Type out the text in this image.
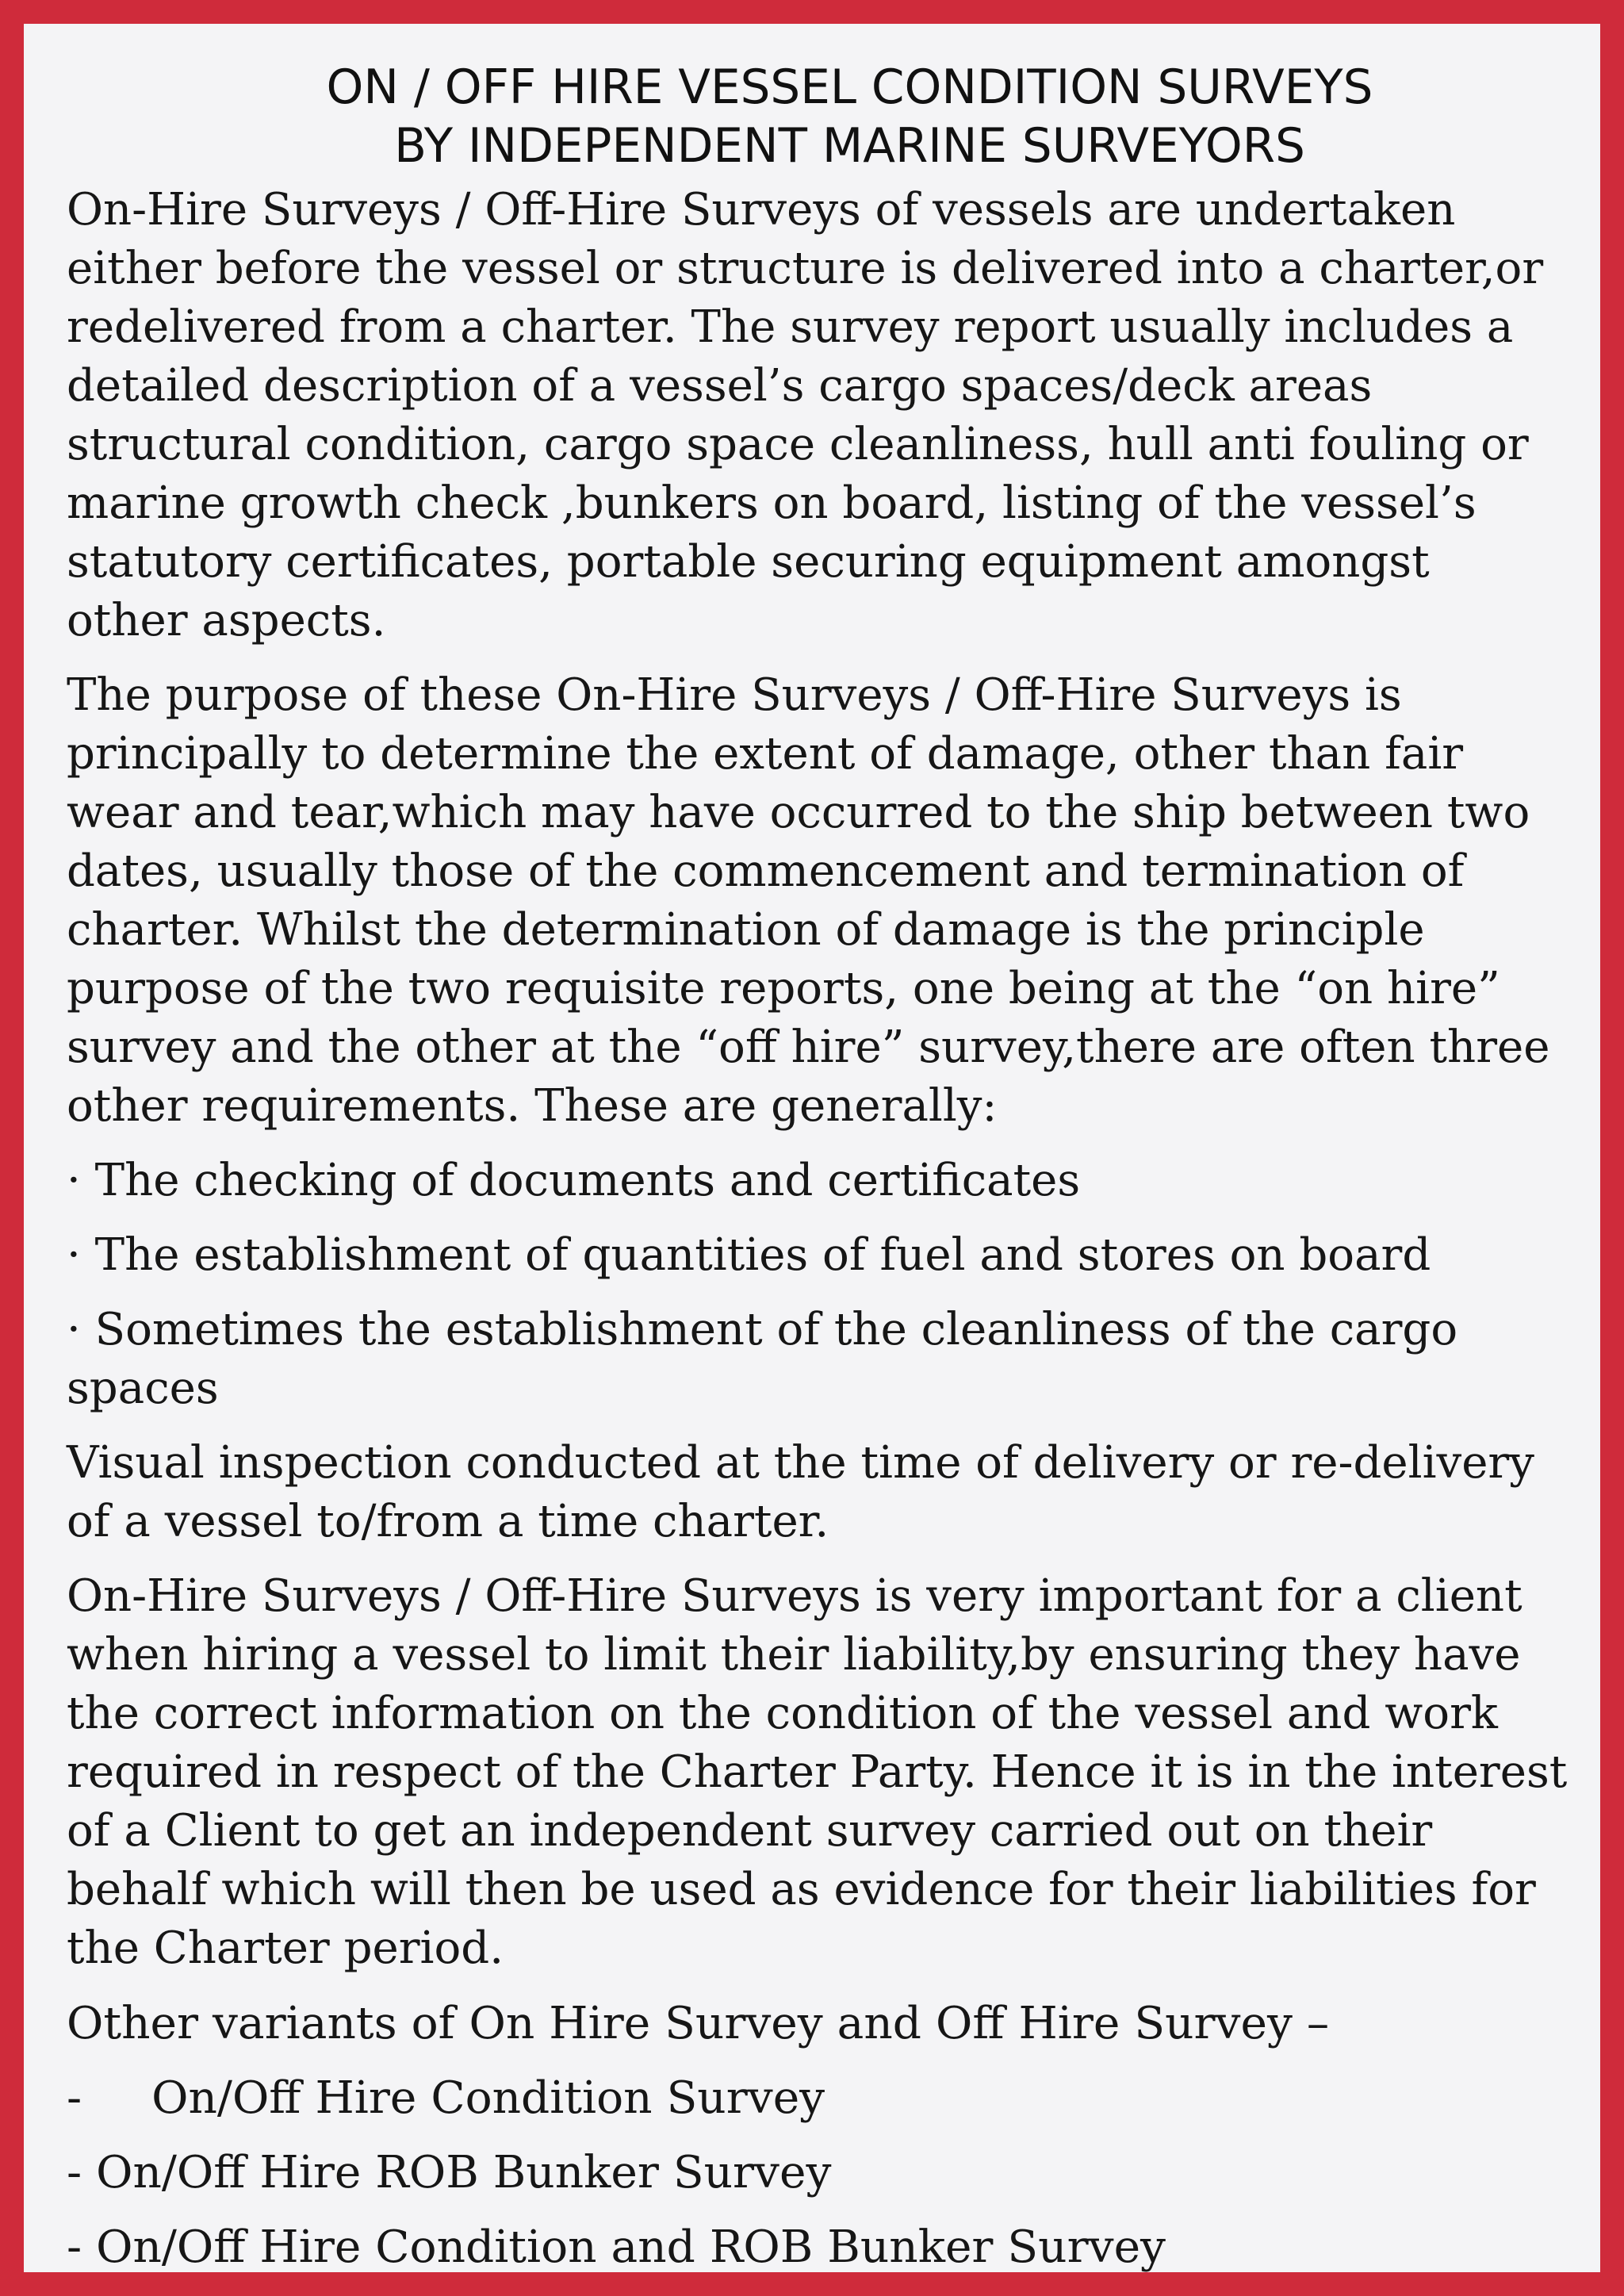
ON / OFF HIRE VESSEL CONDITION SURVEYS
BY INDEPENDENT MARINE SURVEYORS
On-Hire Surveys / Off-Hire Surveys of vessels are undertaken
either before the vessel or structure is delivered into a charter,or
redelivered from a charter. The survey report usually includes a
detailed description of a vessel’s cargo spaces/deck areas
structural condition, cargo space cleanliness, hull anti fouling or
marine growth check ,bunkers on board, listing of the vessel’s
statutory certificates, portable securing equipment amongst
other aspects.
The purpose of these On-Hire Surveys / Off-Hire Surveys is
principally to determine the extent of damage, other than fair
wear and tear,which may have occurred to the ship between two
dates, usually those of the commencement and termination of
charter. Whilst the determination of damage is the principle
purpose of the two requisite reports, one being at the “on hire”
survey and the other at the “off hire” survey,there are often three
other requirements. These are generally:
· The checking of documents and certificates
· The establishment of quantities of fuel and stores on board
· Sometimes the establishment of the cleanliness of the cargo
spaces
Visual inspection conducted at the time of delivery or re-delivery
of a vessel to/from a time charter.
On-Hire Surveys / Off-Hire Surveys is very important for a client
when hiring a vessel to limit their liability,by ensuring they have
the correct information on the condition of the vessel and work
required in respect of the Charter Party. Hence it is in the interest
of a Client to get an independent survey carried out on their
behalf which will then be used as evidence for their liabilities for
the Charter period.
Other variants of On Hire Survey and Off Hire Survey –
- On/Off Hire Condition Survey
- On/Off Hire ROB Bunker Survey
- On/Off Hire Condition and ROB Bunker Survey
